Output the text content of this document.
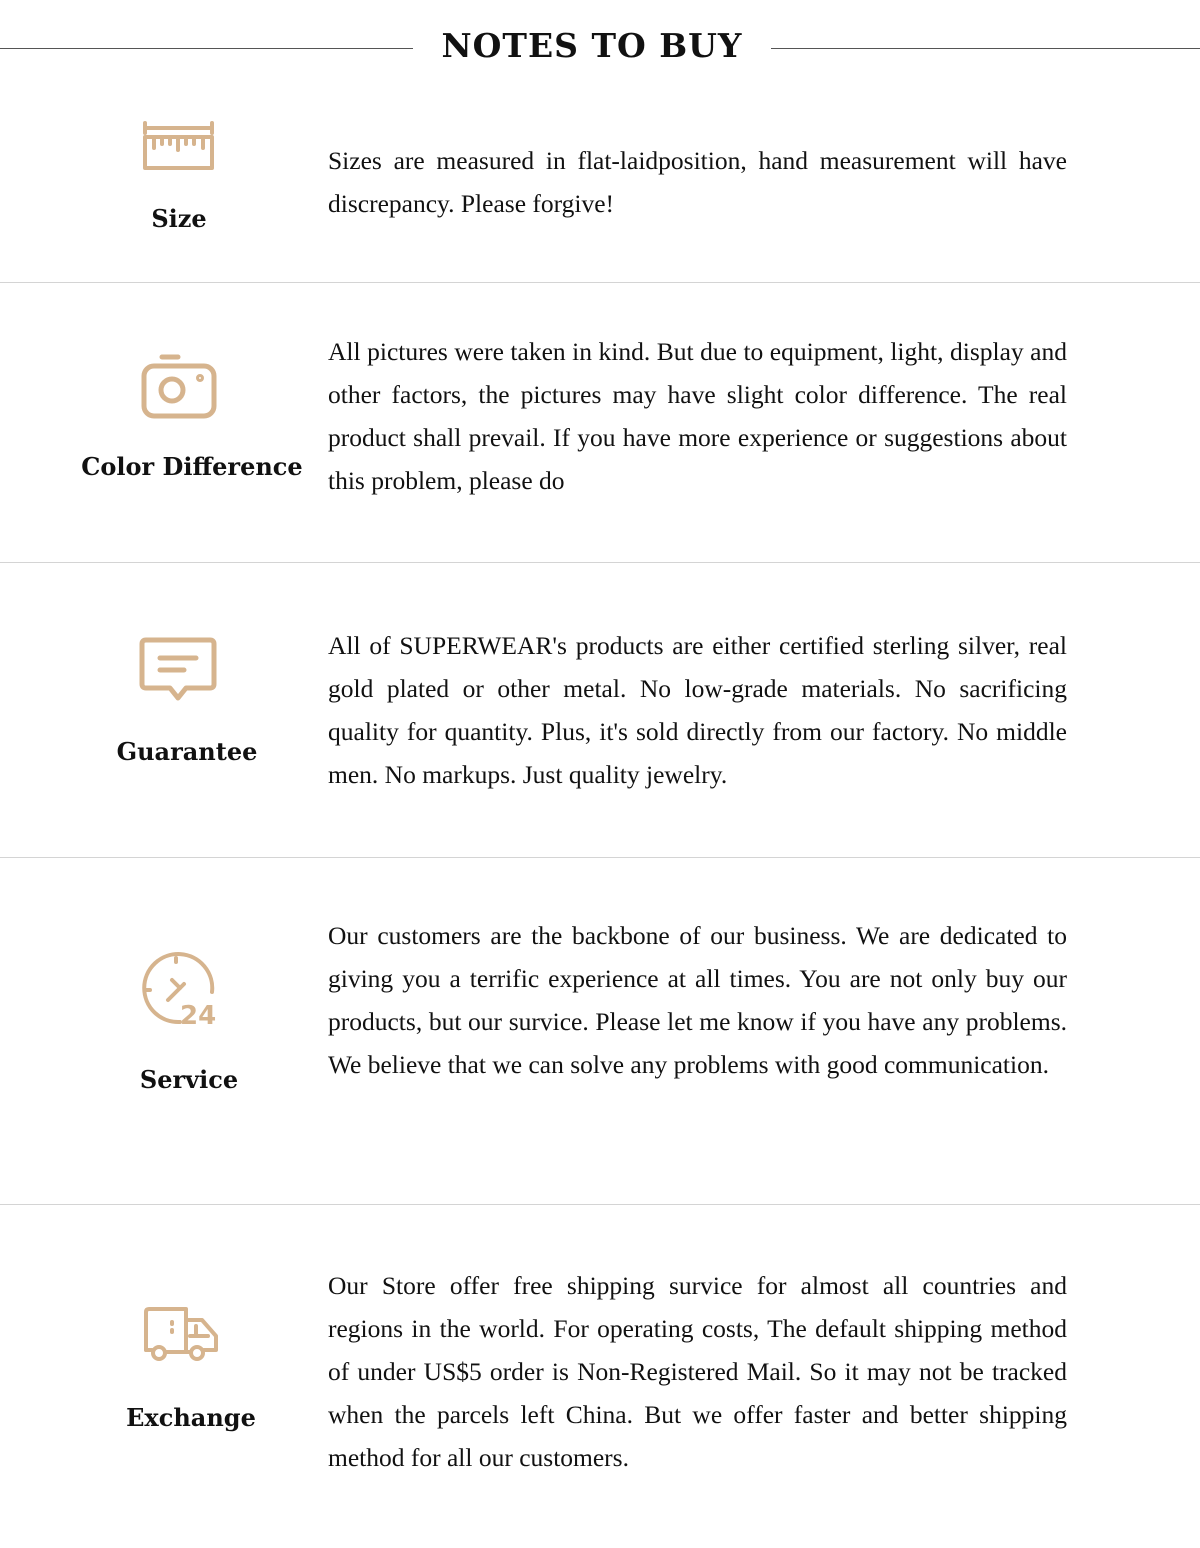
NOTES TO BUY
Size
Sizes are measured in flat-laidposition, hand measurement will have discrepancy. Please forgive!
Color Difference
All pictures were taken in kind. But due to equipment, light, display and other factors, the pictures may have slight color difference. The real product shall prevail. If you have more experience or suggestions about this problem, please do
Guarantee
All of SUPERWEAR's products are either certified sterling silver, real gold plated or other metal. No low-grade materials. No sacrificing quality for quantity. Plus, it's sold directly from our factory. No middle men. No markups. Just quality jewelry.
24
Service
Our customers are the backbone of our business. We are dedicated to giving you a terrific experience at all times. You are not only buy our products, but our survice. Please let me know if you have any problems. We believe that we can solve any problems with good communication.
Exchange
Our Store offer free shipping survice for almost all countries and regions in the world. For operating costs, The default shipping method of under US$5 order is Non-Registered Mail. So it may not be tracked when the parcels left China. But we offer faster and better shipping method for all our customers.
